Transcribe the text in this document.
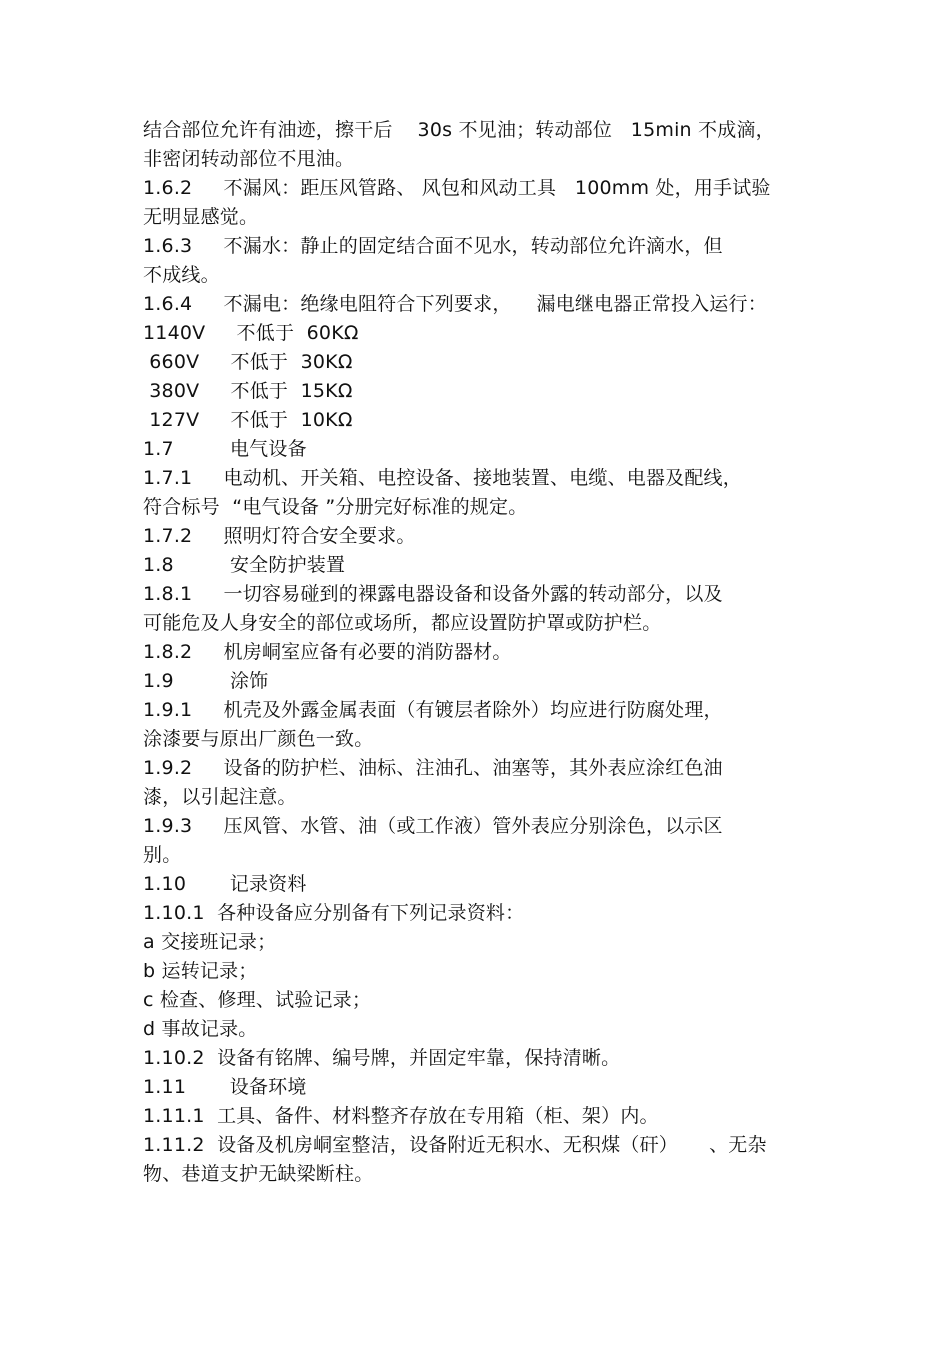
结合部位允许有油迹，擦干后    30s 不见油；转动部位   15min 不成滴，
非密闭转动部位不甩油。
1.6.2     不漏风：距压风管路、 风包和风动工具   100mm 处，用手试验
无明显感觉。
1.6.3     不漏水：静止的固定结合面不见水，转动部位允许滴水，但
不成线。
1.6.4     不漏电：绝缘电阻符合下列要求，    漏电继电器正常投入运行：
1140V     不低于  60KΩ
660V     不低于  30KΩ
380V     不低于  15KΩ
127V     不低于  10KΩ
1.7         电气设备
1.7.1     电动机、开关箱、电控设备、接地装置、电缆、电器及配线，
符合标号  “电气设备 ”分册完好标准的规定。
1.7.2     照明灯符合安全要求。
1.8         安全防护装置
1.8.1     一切容易碰到的裸露电器设备和设备外露的转动部分，以及
可能危及人身安全的部位或场所，都应设置防护罩或防护栏。
1.8.2     机房峒室应备有必要的消防器材。
1.9         涂饰
1.9.1     机壳及外露金属表面（有镀层者除外）均应进行防腐处理，
涂漆要与原出厂颜色一致。
1.9.2     设备的防护栏、油标、注油孔、油塞等，其外表应涂红色油
漆，以引起注意。
1.9.3     压风管、水管、油（或工作液）管外表应分别涂色，以示区
别。
1.10       记录资料
1.10.1  各种设备应分别备有下列记录资料：
a 交接班记录；
b 运转记录；
c 检查、修理、试验记录；
d 事故记录。
1.10.2  设备有铭牌、编号牌，并固定牢靠，保持清晰。
1.11       设备环境
1.11.1  工具、备件、材料整齐存放在专用箱（柜、架）内。
1.11.2  设备及机房峒室整洁，设备附近无积水、无积煤（矸）     、无杂
物、巷道支护无缺梁断柱。
